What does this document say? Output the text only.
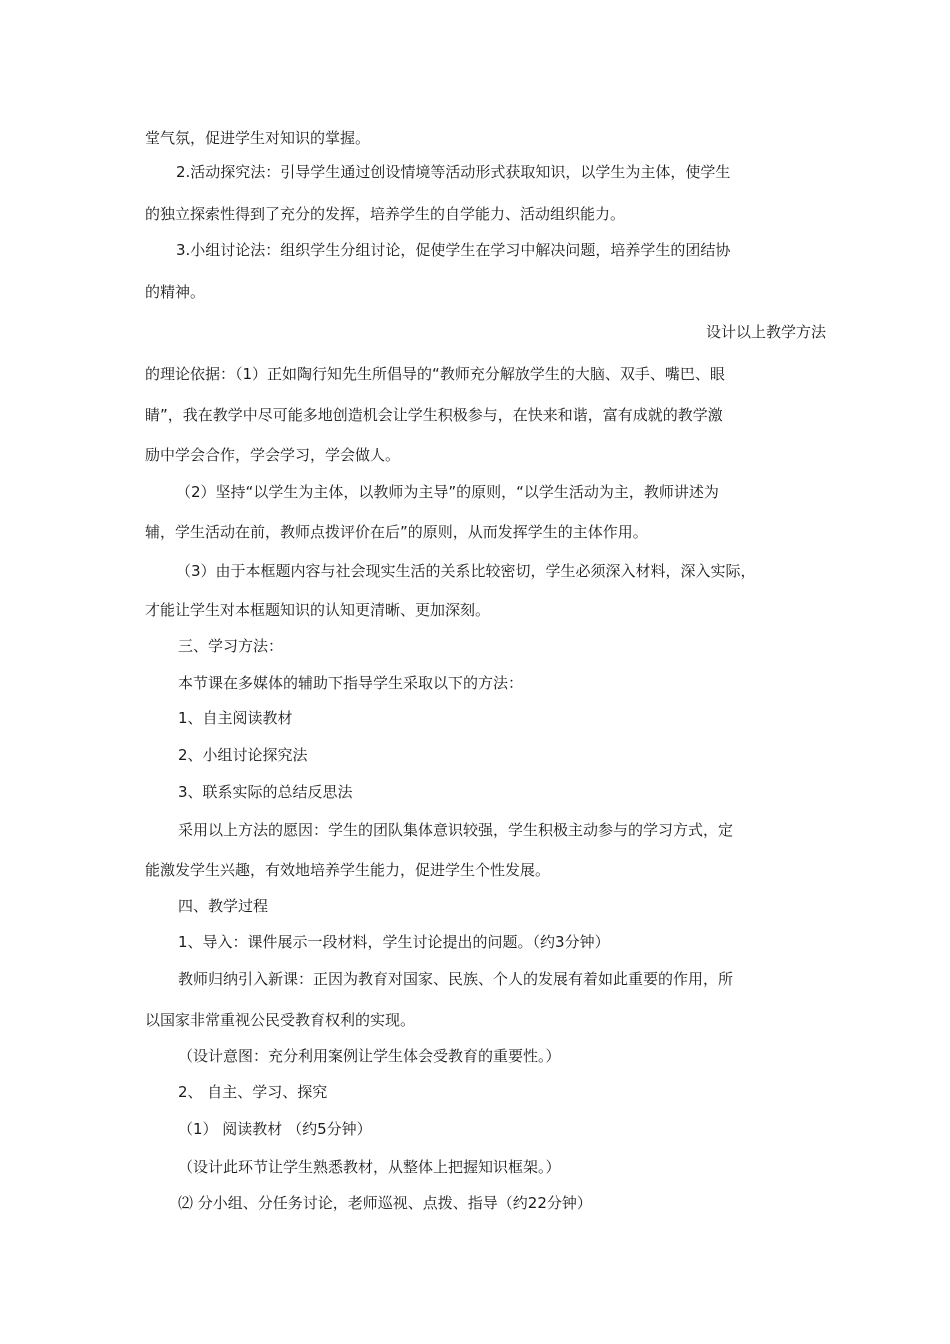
堂气氛，促进学生对知识的掌握。
2.活动探究法：引导学生通过创设情境等活动形式获取知识，以学生为主体，使学生
的独立探索性得到了充分的发挥，培养学生的自学能力、活动组织能力。
3.小组讨论法：组织学生分组讨论，促使学生在学习中解决问题，培养学生的团结协
的精神。
设计以上教学方法
的理论依据：（1）正如陶行知先生所倡导的“教师充分解放学生的大脑、双手、嘴巴、眼
睛”，我在教学中尽可能多地创造机会让学生积极参与，在快来和谐，富有成就的教学激
励中学会合作，学会学习，学会做人。
（2）坚持“以学生为主体，以教师为主导”的原则，“以学生活动为主，教师讲述为
辅，学生活动在前，教师点拨评价在后”的原则，从而发挥学生的主体作用。
（3）由于本框题内容与社会现实生活的关系比较密切，学生必须深入材料，深入实际，
才能让学生对本框题知识的认知更清晰、更加深刻。
三、学习方法：
本节课在多媒体的辅助下指导学生采取以下的方法：
1、自主阅读教材
2、小组讨论探究法
3、联系实际的总结反思法
采用以上方法的愿因：学生的团队集体意识较强，学生积极主动参与的学习方式，定
能激发学生兴趣，有效地培养学生能力，促进学生个性发展。
四、教学过程
1、导入：课件展示一段材料，学生讨论提出的问题。（约3分钟）
教师归纳引入新课：正因为教育对国家、民族、个人的发展有着如此重要的作用，所
以国家非常重视公民受教育权利的实现。
（设计意图：充分利用案例让学生体会受教育的重要性。）
2、 自主、学习、探究
（1） 阅读教材 （约5分钟）
（设计此环节让学生熟悉教材，从整体上把握知识框架。）
⑵ 分小组、分任务讨论，老师巡视、点拨、指导（约22分钟）
